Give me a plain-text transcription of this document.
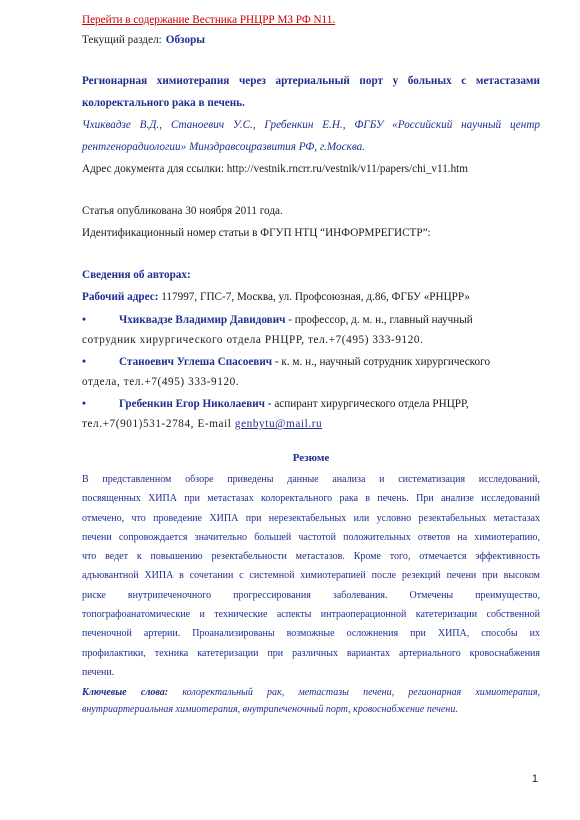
Перейти в содержание Вестника РНЦРР МЗ РФ N11.
Текущий раздел: Обзоры
Регионарная химиотерапия через артериальный порт у больных с метастазами
колоректального рака в печень.
Чхиквадзе В.Д., Станоевич У.С., Гребенкин Е.Н., ФГБУ «Российский научный центр
рентгенорадиологии» Минздравсоцразвития РФ, г.Москва.
Адрес документа для ссылки: http://vestnik.rncrr.ru/vestnik/v11/papers/chi_v11.htm
Статья опубликована 30 ноября 2011 года.
Идентификационный номер статьи в ФГУП НТЦ “ИНФОРМРЕГИСТР”:
Сведения об авторах:
Рабочий адрес: 117997, ГПС-7, Москва, ул. Профсоюзная, д.86, ФГБУ «РНЦРР»
•	Чхиквадзе Владимир Давидович - профессор, д. м. н., главный научный
сотрудник хирургического отдела РНЦРР, тел.+7(495) 333-9120.
•	Станоевич Углеша Спасоевич - к. м. н., научный сотрудник хирургического
отдела, тел.+7(495) 333-9120.
•	Гребенкин Егор Николаевич - аспирант хирургического отдела РНЦРР,
тел.+7(901)531-2784, E-mail genbytu@mail.ru
Резюме
В представленном обзоре приведены данные анализа и систематизация исследований,
посвященных ХИПА при метастазах колоректального рака в печень. При анализе исследований
отмечено, что проведение ХИПА при нерезектабельных или условно резектабельных метастазах
печени сопровождается значительно большей частотой положительных ответов на химиотерапию,
что ведет к повышению резектабельности метастазов. Кроме того, отмечается эффективность
адъювантной ХИПА в сочетании с системной химиотерапией после резекций печени при высоком
риске внутрипеченочного прогрессирования заболевания. Отмечены преимущество,
топографоанатомические и технические аспекты интраоперационной катетеризации собственной
печеночной артерии. Проанализированы возможные осложнения при ХИПА, способы их
профилактики, техника катетеризации при различных вариантах артериального кровоснабжения
печени.
Ключевые слова: колоректальный рак, метастазы печени, регионарная химиотерапия,
внутриартериальная химиотерапия, внутрипеченочный порт, кровоснабжение печени.
1
